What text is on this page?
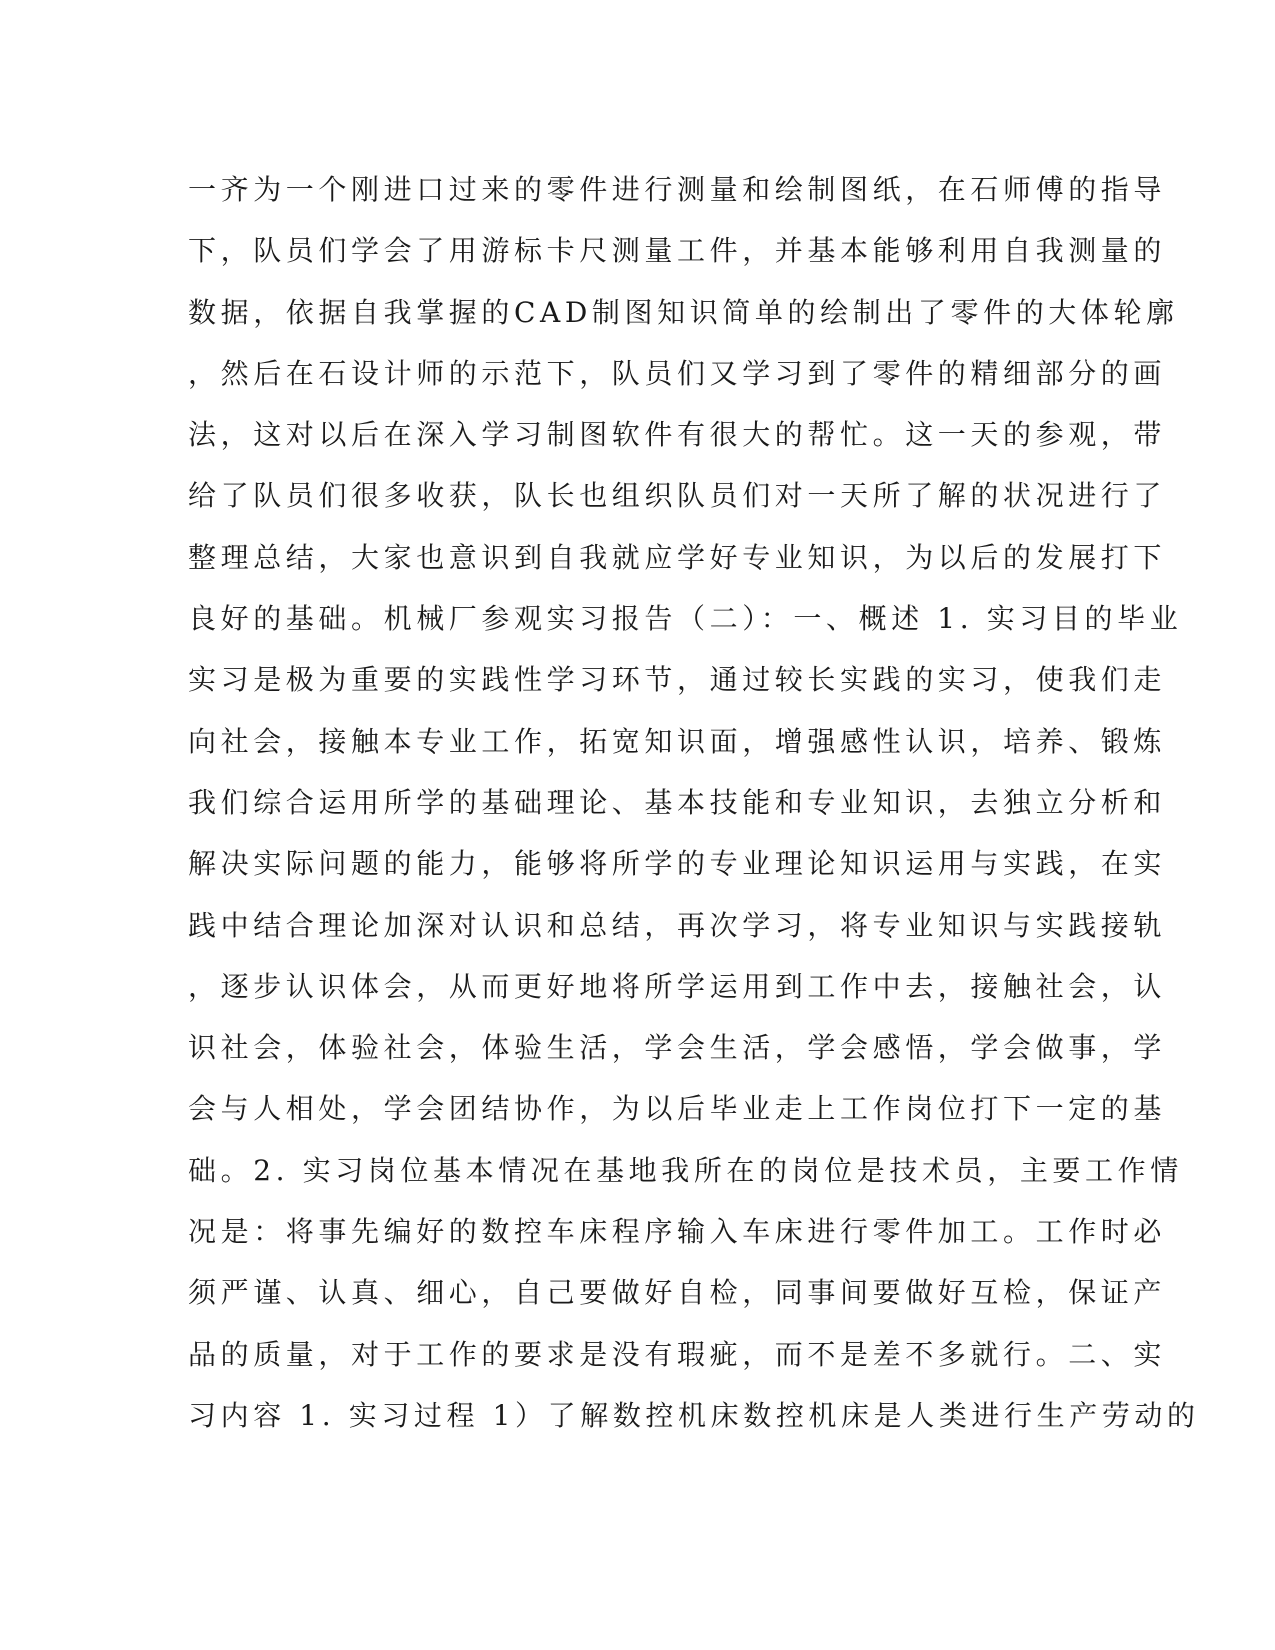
一齐为一个刚进口过来的零件进行测量和绘制图纸，在石师傅的指导
下，队员们学会了用游标卡尺测量工件，并基本能够利用自我测量的
数据，依据自我掌握的CAD制图知识简单的绘制出了零件的大体轮廓
，然后在石设计师的示范下，队员们又学习到了零件的精细部分的画
法，这对以后在深入学习制图软件有很大的帮忙。这一天的参观，带
给了队员们很多收获，队长也组织队员们对一天所了解的状况进行了
整理总结，大家也意识到自我就应学好专业知识，为以后的发展打下
良好的基础。机械厂参观实习报告（二）：一、概述 1. 实习目的毕业
实习是极为重要的实践性学习环节，通过较长实践的实习，使我们走
向社会，接触本专业工作，拓宽知识面，增强感性认识，培养、锻炼
我们综合运用所学的基础理论、基本技能和专业知识，去独立分析和
解决实际问题的能力，能够将所学的专业理论知识运用与实践，在实
践中结合理论加深对认识和总结，再次学习，将专业知识与实践接轨
，逐步认识体会，从而更好地将所学运用到工作中去，接触社会，认
识社会，体验社会，体验生活，学会生活，学会感悟，学会做事，学
会与人相处，学会团结协作，为以后毕业走上工作岗位打下一定的基
础。2. 实习岗位基本情况在基地我所在的岗位是技术员，主要工作情
况是：将事先编好的数控车床程序输入车床进行零件加工。工作时必
须严谨、认真、细心，自己要做好自检，同事间要做好互检，保证产
品的质量，对于工作的要求是没有瑕疵，而不是差不多就行。二、实
习内容 1. 实习过程 1）了解数控机床数控机床是人类进行生产劳动的
